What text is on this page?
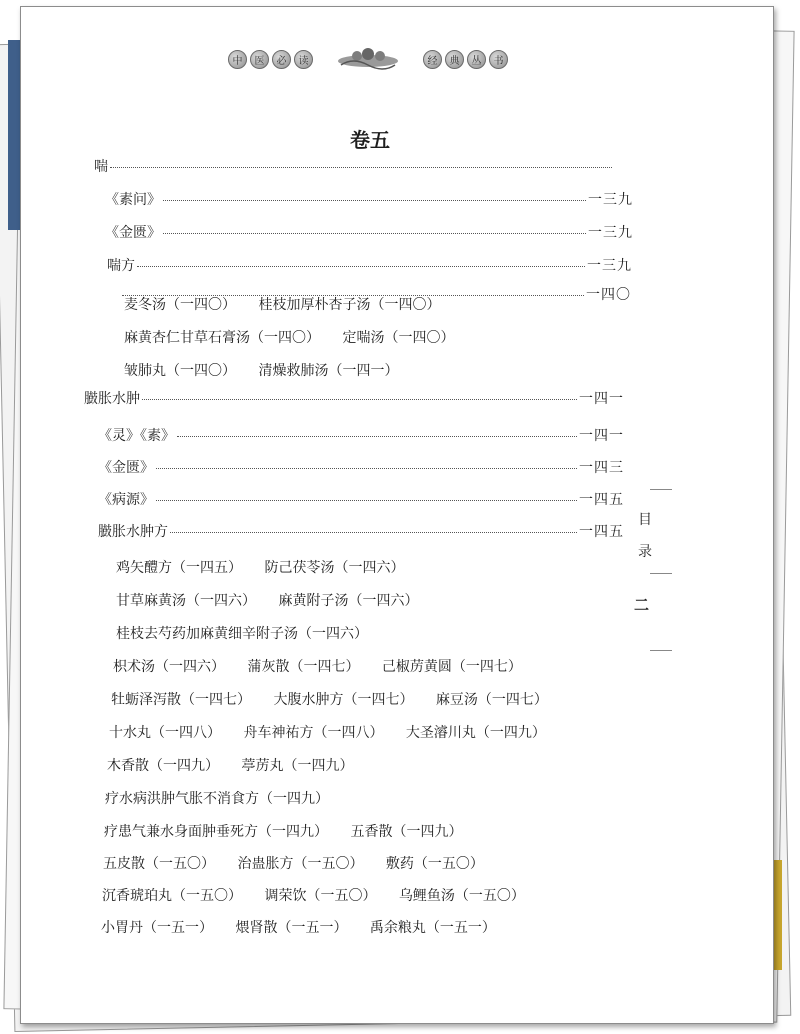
中	医	必	读	经	典	丛	书
卷五
喘
《素问》	一三九
《金匮》	一三九
喘方	一三九
一四〇
麦冬汤（一四〇） 桂枝加厚朴杏子汤（一四〇）
麻黄杏仁甘草石膏汤（一四〇） 定喘汤（一四〇）
皱肺丸（一四〇） 清燥救肺汤（一四一）
臌胀水肿	一四一
《灵》《素》	一四一
《金匮》	一四三
《病源》	一四五
臌胀水肿方	一四五
鸡矢醴方（一四五） 防己茯苓汤（一四六）
甘草麻黄汤（一四六） 麻黄附子汤（一四六）
桂枝去芍药加麻黄细辛附子汤（一四六）
枳术汤（一四六） 蒲灰散（一四七） 己椒苈黄圆（一四七）
牡蛎泽泻散（一四七） 大腹水肿方（一四七） 麻豆汤（一四七）
十水丸（一四八） 舟车神祐方（一四八） 大圣濬川丸（一四九）
木香散（一四九） 葶苈丸（一四九）
疗水病洪肿气胀不消食方（一四九）
疗患气兼水身面肿垂死方（一四九） 五香散（一四九）
五皮散（一五〇） 治蛊胀方（一五〇） 敷药（一五〇）
沉香琥珀丸（一五〇） 调荣饮（一五〇） 乌鲤鱼汤（一五〇）
小胃丹（一五一） 煨肾散（一五一） 禹余粮丸（一五一）
目
录
二
